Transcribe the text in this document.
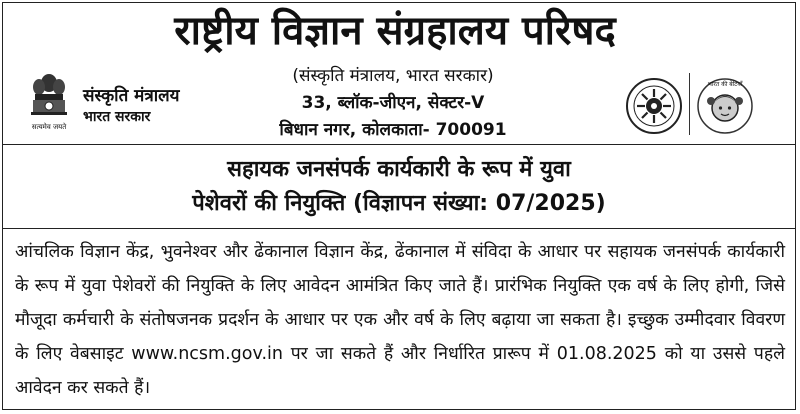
राष्ट्रीय विज्ञान संग्रहालय परिषद
सत्यमेव जयते
संस्कृति मंत्रालय
भारत सरकार
(संस्कृति मंत्रालय, भारत सरकार)
33, ब्लॉक-जीएन, सेक्टर-V
बिधान नगर, कोलकाता- 700091
भारत की बेटियाँ
सहायक जनसंपर्क कार्यकारी के रूप में युवा
पेशेवरों की नियुक्ति (विज्ञापन संख्या: 07/2025)
आंचलिक विज्ञान केंद्र, भुवनेश्वर और ढेंकानाल विज्ञान केंद्र, ढेंकानाल में संविदा के आधार पर सहायक जनसंपर्क कार्यकारी के रूप में युवा पेशेवरों की नियुक्ति के लिए आवेदन आमंत्रित किए जाते हैं। प्रारंभिक नियुक्ति एक वर्ष के लिए होगी, जिसे मौजूदा कर्मचारी के संतोषजनक प्रदर्शन के आधार पर एक और वर्ष के लिए बढ़ाया जा सकता है। इच्छुक उम्मीदवार विवरण के लिए वेबसाइट www.ncsm.gov.in पर जा सकते हैं और निर्धारित प्रारूप में 01.08.2025 को या उससे पहले आवेदन कर सकते हैं।
